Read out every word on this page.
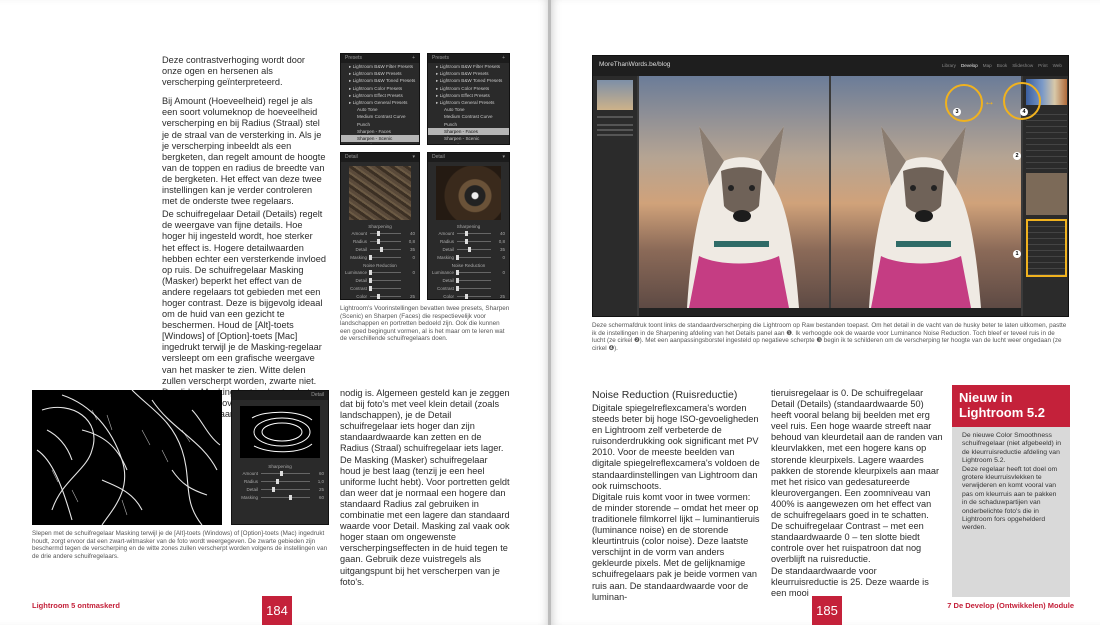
Deze contrastverhoging wordt door onze ogen en hersenen als verscherping geïnterpreteerd.

Bij Amount (Hoeveelheid) regel je als een soort volumeknop de hoeveelheid verscherping en bij Radius (Straal) stel je de straal van de versterking in. Als je je verscherping inbeeldt als een bergketen, dan regelt amount de hoogte van de toppen en radius de breedte van de bergketen. Het effect van deze twee instellingen kan je verder controleren met de onderste twee regelaars.

De schuifregelaar Detail (Details) regelt de weergave van fijne details. Hoe hoger hij ingesteld wordt, hoe sterker het effect is. Hogere detailwaarden hebben echter een versterkende invloed op ruis. De schuifregelaar Masking (Masker) beperkt het effect van de andere regelaars tot gebieden met een hoger contrast. Deze is bijgevolg ideaal om de huid van een gezicht te beschermen. Houd de [Alt]-toets [Windows] of [Option]-toets [Mac] ingedrukt terwijl je de Masking-regelaar versleept om een grafische weergave van het masker te zien. Witte delen zullen verscherpt worden, zwarte niet. waar

Presets	+
▸ Lightroom B&W Filter Presets
▸ Lightroom B&W Presets
▸ Lightroom B&W Toned Presets
▸ Lightroom Color Presets
▸ Lightroom Effect Presets
▸ Lightroom General Presets
Auto Tone
Medium Contrast Curve
Punch
Sharpen - Faces
Sharpen - Scenic
Presets	+
▸ Lightroom B&W Filter Presets
▸ Lightroom B&W Presets
▸ Lightroom B&W Toned Presets
▸ Lightroom Color Presets
▸ Lightroom Effect Presets
▸ Lightroom General Presets
Auto Tone
Medium Contrast Curve
Punch
Sharpen - Faces
Sharpen - Scenic
Detail	▾
Sharpening
Amount	40
Radius	0,8
Detail	35
Masking	0
Noise Reduction
Luminance	0
Detail
Contrast
Color	25
Detail	▾
Sharpening
Amount	40
Radius	0,8
Detail	35
Masking	0
Noise Reduction
Luminance	0
Detail
Contrast
Color	25
Lightroom's Voorinstellingen bevatten twee presets, Sharpen (Scenic) en Sharpen (Faces) die respectievelijk voor landschappen en portretten bedoeld zijn. Ook die kunnen een goed begingunt vormen, al is het maar om te leren wat de verschillende schuifregelaars doen.
Detail
Sharpening
Amount	60
Radius	1,0
Detail	25
Masking	60
Slepen met de schuifregelaar Masking terwijl je de [Alt]-toets (Windows) of [Option]-toets (Mac) ingedrukt houdt, zorgt ervoor dat een zwart-witmasker van de foto wordt weergegeven. De zwarte gebieden zijn beschermd tegen de verscherping en de witte zones zullen verscherpt worden volgens de instellingen van de drie andere schuifregelaars.
nodig is. Algemeen gesteld kan je zeggen dat bij foto's met veel klein detail (zoals landschappen), je de Detail schuifregelaar iets hoger dan zijn standaardwaarde kan zetten en de Radius (Straal) schuifregelaar iets lager. De Masking (Masker) schuifregelaar houd je best laag (tenzij je een heel uniforme lucht hebt). Voor portretten geldt dan weer dat je normaal een hogere dan standaard Radius zal gebruiken in combinatie met een lagere dan standaard waarde voor Detail. Masking zal vaak ook hoger staan om ongewenste verscherpingseffecten in de huid tegen te gaan. Gebruik deze vuistregels als uitgangspunt bij het verscherpen van je foto's.
Lightroom 5 ontmaskerd	184
MoreThanWords.be/blog	Library Develop Map Book Slideshow Print Web
↔
3	4
2
1
Deze schermafdruk toont links de standaardverscherping die Lightroom op Raw bestanden toepast. Om het detail in de vacht van de husky beter te laten uitkomen, pastte ik de instellingen in de Sharpening afdeling van het Details panel aan ❶. Ik verhoogde ook de waarde voor Luminance Noise Reduction. Toch bleef er teveel ruis in de lucht (ze cirkel ❷). Met een aanpassingsborstel ingesteld op negatieve scherpte ❸ begin ik te schilderen om de verscherping ter hoogte van de lucht weer ongedaan (ze cirkel ❹).
Noise Reduction (Ruisreductie)
Digitale spiegelreflexcamera's worden steeds beter bij hoge ISO-gevoeligheden en Lightroom zelf verbeterde de ruisonderdrukking ook significant met PV 2010. Voor de meeste beelden van digitale spiegelreflexcamera's voldoen de standaardinstellingen van Lightroom dan ook ruimschoots.
Digitale ruis komt voor in twee vormen: de minder storende – omdat het meer op traditionele filmkorrel lijkt – luminantieruis (luminance noise) en de storende kleurtintruis (color noise). Deze laatste verschijnt in de vorm van anders gekleurde pixels. Met de gelijknamige schuifregelaars pak je beide vormen van ruis aan. De standaardwaarde voor de luminan-
tieruisregelaar is 0. De schuifregelaar Detail (Details) (standaardwaarde 50) heeft vooral belang bij beelden met erg veel ruis. Een hoge waarde streeft naar behoud van kleurdetail aan de randen van kleurvlakken, met een hogere kans op storende kleurpixels. Lagere waardes pakken de storende kleurpixels aan maar met het risico van gedesatureerde kleurovergangen. Een zoomniveau van 400% is aangewezen om het effect van de schuifregelaars goed in te schatten.
De schuifregelaar Contrast – met een standaardwaarde 0 – ten slotte biedt controle over het ruispatroon dat nog overblijft na ruisreductie.
De standaardwaarde voor kleurruisreductie is 25. Deze waarde is een mooi
Nieuw in Lightroom 5.2
De nieuwe Color Smoothness schuifregelaar (niet afgebeeld) in de kleurruisreductie afdeling van Lightroom 5.2.
Deze regelaar heeft tot doel om grotere kleurruisvlekken te verwijderen en komt vooral van pas om kleurruis aan te pakken in de schaduwpartijen van onderbelichte foto's die in Lightroom fors opgehelderd werden.
185	7 De Develop (Ontwikkelen) Module
